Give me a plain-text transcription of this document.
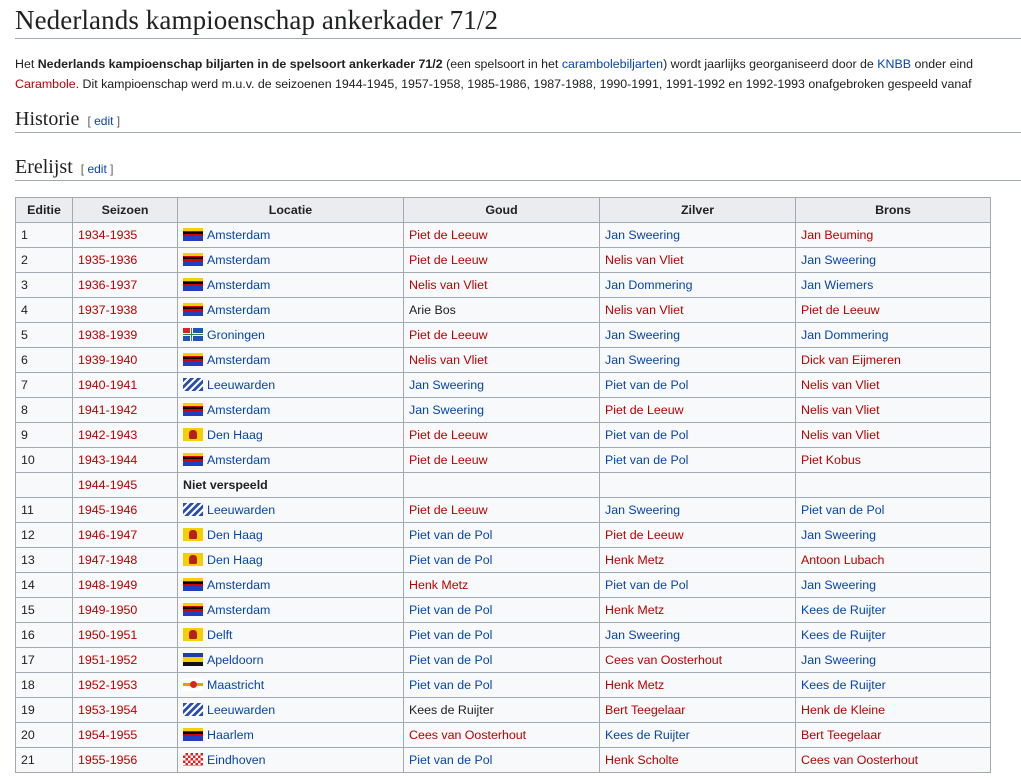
Nederlands kampioenschap ankerkader 71/2
Het Nederlands kampioenschap biljarten in de spelsoort ankerkader 71/2 (een spelsoort in het carambolebiljarten) wordt jaarlijks georganiseerd door de KNBB onder eind
Carambole. Dit kampioenschap werd m.u.v. de seizoenen 1944-1945, 1957-1958, 1985-1986, 1987-1988, 1990-1991, 1991-1992 en 1992-1993 onafgebroken gespeeld vanaf
Historie [ edit ]
Erelijst [ edit ]
Editie	Seizoen	Locatie	Goud	Zilver	Brons
1	1934-1935	Amsterdam	Piet de Leeuw	Jan Sweering	Jan Beuming
2	1935-1936	Amsterdam	Piet de Leeuw	Nelis van Vliet	Jan Sweering
3	1936-1937	Amsterdam	Nelis van Vliet	Jan Dommering	Jan Wiemers
4	1937-1938	Amsterdam	Arie Bos	Nelis van Vliet	Piet de Leeuw
5	1938-1939	Groningen	Piet de Leeuw	Jan Sweering	Jan Dommering
6	1939-1940	Amsterdam	Nelis van Vliet	Jan Sweering	Dick van Eijmeren
7	1940-1941	Leeuwarden	Jan Sweering	Piet van de Pol	Nelis van Vliet
8	1941-1942	Amsterdam	Jan Sweering	Piet de Leeuw	Nelis van Vliet
9	1942-1943	Den Haag	Piet de Leeuw	Piet van de Pol	Nelis van Vliet
10	1943-1944	Amsterdam	Piet de Leeuw	Piet van de Pol	Piet Kobus
	1944-1945	Niet verspeeld			
11	1945-1946	Leeuwarden	Piet de Leeuw	Jan Sweering	Piet van de Pol
12	1946-1947	Den Haag	Piet van de Pol	Piet de Leeuw	Jan Sweering
13	1947-1948	Den Haag	Piet van de Pol	Henk Metz	Antoon Lubach
14	1948-1949	Amsterdam	Henk Metz	Piet van de Pol	Jan Sweering
15	1949-1950	Amsterdam	Piet van de Pol	Henk Metz	Kees de Ruijter
16	1950-1951	Delft	Piet van de Pol	Jan Sweering	Kees de Ruijter
17	1951-1952	Apeldoorn	Piet van de Pol	Cees van Oosterhout	Jan Sweering
18	1952-1953	Maastricht	Piet van de Pol	Henk Metz	Kees de Ruijter
19	1953-1954	Leeuwarden	Kees de Ruijter	Bert Teegelaar	Henk de Kleine
20	1954-1955	Haarlem	Cees van Oosterhout	Kees de Ruijter	Bert Teegelaar
21	1955-1956	Eindhoven	Piet van de Pol	Henk Scholte	Cees van Oosterhout
